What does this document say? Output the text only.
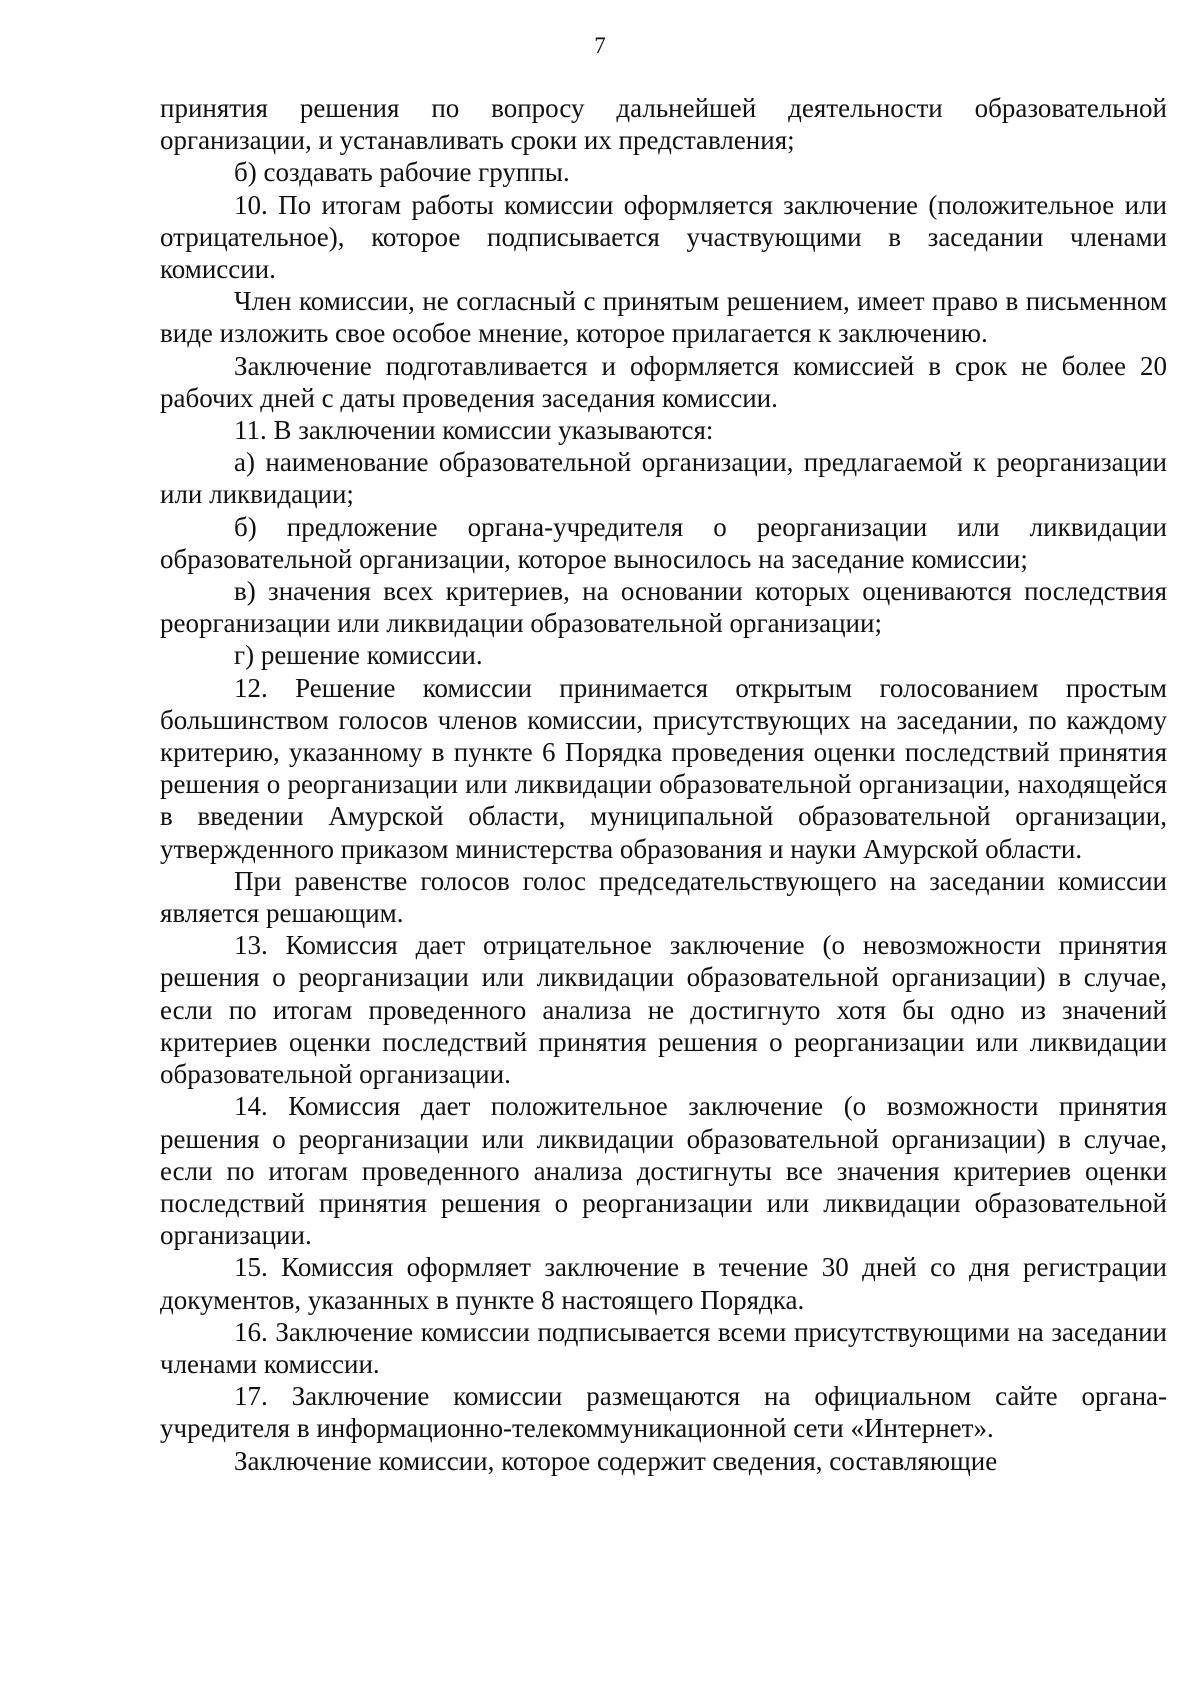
7

принятия решения по вопросу дальнейшей деятельности образовательной организации, и устанавливать сроки их представления;

б) создавать рабочие группы.

10. По итогам работы комиссии оформляется заключение (положительное или отрицательное), которое подписывается участвующими в заседании членами комиссии.

Член комиссии, не согласный с принятым решением, имеет право в письменном виде изложить свое особое мнение, которое прилагается к заключению.

Заключение подготавливается и оформляется комиссией в срок не более 20 рабочих дней с даты проведения заседания комиссии.

11. В заключении комиссии указываются:

а) наименование образовательной организации, предлагаемой к реорганизации или ликвидации;

б) предложение органа-учредителя о реорганизации или ликвидации образовательной организации, которое выносилось на заседание комиссии;

в) значения всех критериев, на основании которых оцениваются последствия реорганизации или ликвидации образовательной организации;

г) решение комиссии.

12. Решение комиссии принимается открытым голосованием простым большинством голосов членов комиссии, присутствующих на заседании, по каждому критерию, указанному в пункте 6 Порядка проведения оценки последствий принятия решения о реорганизации или ликвидации образовательной организации, находящейся в введении Амурской области, муниципальной образовательной организации, утвержденного приказом министерства образования и науки Амурской области.

При равенстве голосов голос председательствующего на заседании комиссии является решающим.

13. Комиссия дает отрицательное заключение (о невозможности принятия решения о реорганизации или ликвидации образовательной организации) в случае, если по итогам проведенного анализа не достигнуто хотя бы одно из значений критериев оценки последствий принятия решения о реорганизации или ликвидации образовательной организации.

14. Комиссия дает положительное заключение (о возможности принятия решения о реорганизации или ликвидации образовательной организации) в случае, если по итогам проведенного анализа достигнуты все значения критериев оценки последствий принятия решения о реорганизации или ликвидации образовательной организации.

15. Комиссия оформляет заключение в течение 30 дней со дня регистрации документов, указанных в пункте 8 настоящего Порядка.

16. Заключение комиссии подписывается всеми присутствующими на заседании членами комиссии.

17. Заключение комиссии размещаются на официальном сайте органа-учредителя в информационно-телекоммуникационной сети «Интернет».

Заключение комиссии, которое содержит сведения, составляющие
